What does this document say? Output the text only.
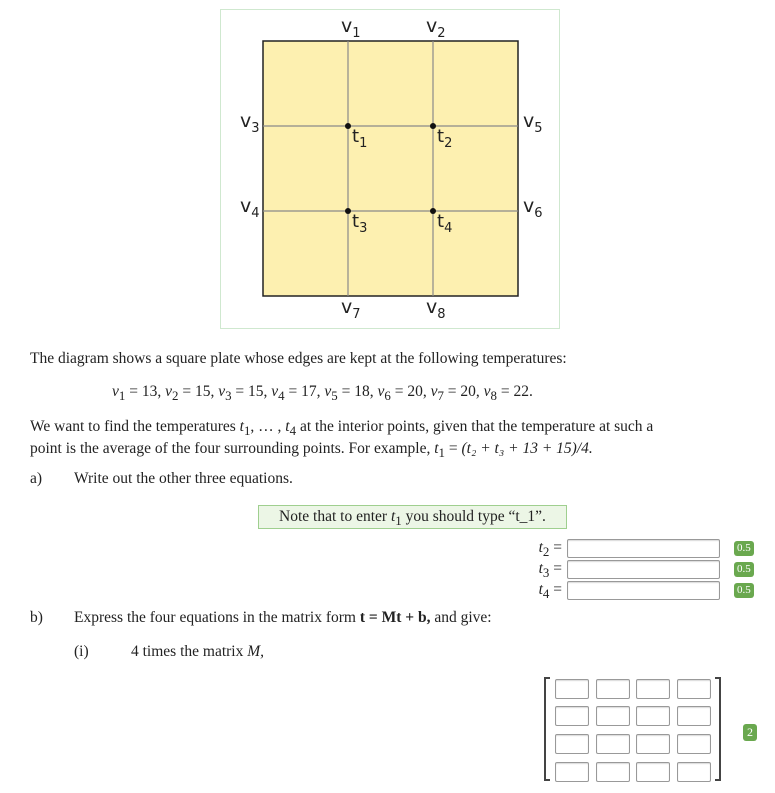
$v_1$	$v_2$
$v_3$
$v_4$
$v_5$
$v_6$
$v_7$	$v_8$
$t_1$	$t_2$
$t_3$	$t_4$
The diagram shows a square plate whose edges are kept at the following temperatures:
$v_1 = 13$, $v_2 = 15$, $v_3 = 15$, $v_4 = 17$, $v_5 = 18$, $v_6 = 20$, $v_7 = 20$, $v_8 = 22$.
We want to find the temperatures $t_1$, … , $t_4$ at the interior points, given that the temperature at such a
point is the average of the four surrounding points. For example, $t_1 = (t_2 + t_3 + 13 + 15)/4$.
a) Write out the other three equations.
Note that to enter $t_1$ you should type “t_1”.
$t_2$ =	0.5
$t_3$ =	0.5
$t_4$ =	0.5
b) Express the four equations in the matrix form t = Mt + b, and give:
(i)	4 times the matrix M,
2
